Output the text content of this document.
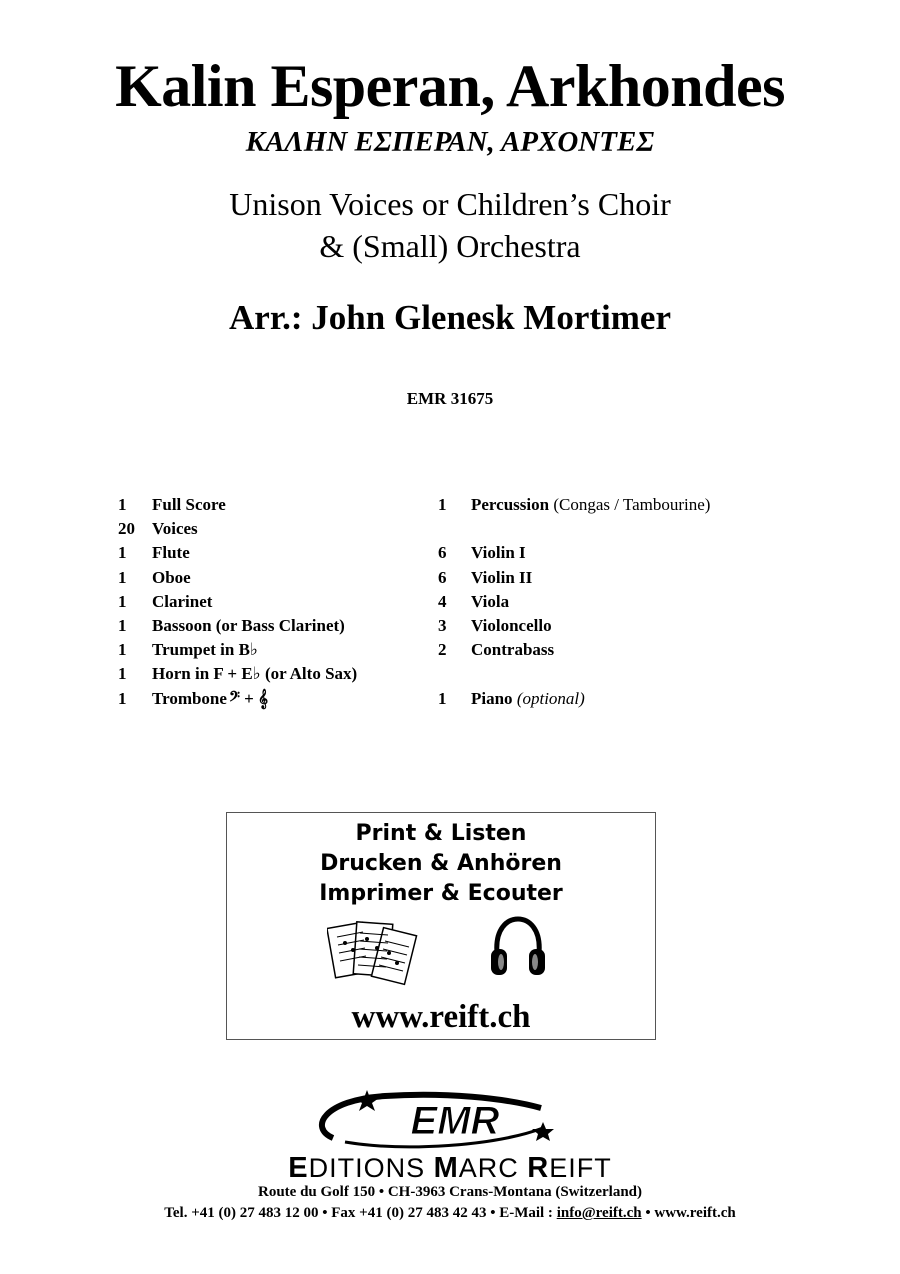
Kalin Esperan, Arkhondes
ΚΑΛΗΝ ΕΣΠΕΡΑΝ, ΑΡΧΟΝΤΕΣ
Unison Voices or Children’s Choir
& (Small) Orchestra
Arr.: John Glenesk Mortimer
EMR 31675
1 Full Score
20 Voices
1 Flute
1 Oboe
1 Clarinet
1 Bassoon (or Bass Clarinet)
1 Trumpet in B♭
1 Horn in F + E♭ (or Alto Sax)
1 Trombone 𝄢 + 𝄞
1 Percussion (Congas / Tambourine)
6 Violin I
6 Violin II
4 Viola
3 Violoncello
2 Contrabass
1 Piano (optional)
Print & Listen
Drucken & Anhören
Imprimer & Ecouter
www.reift.ch
EMR
EDITIONS MARC REIFT
Route du Golf 150 • CH-3963 Crans-Montana (Switzerland)
Tel. +41 (0) 27 483 12 00 • Fax +41 (0) 27 483 42 43 • E-Mail : info@reift.ch • www.reift.ch
